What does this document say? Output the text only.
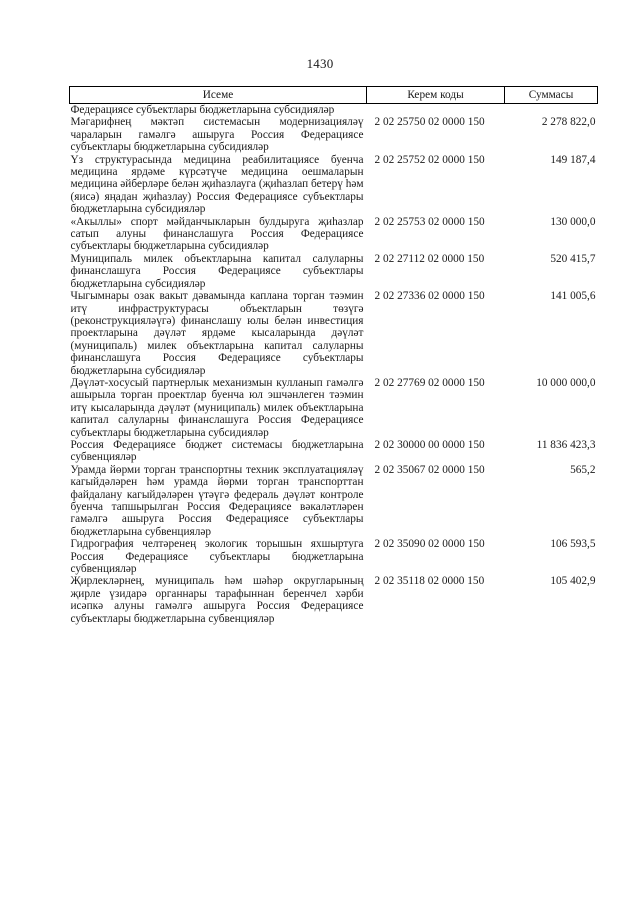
1430
Исеме	Керем коды	Суммасы
Федерациясе субъектлары бюджетларына субсидияләр		
Мәгарифнең мәктәп системасын модернизацияләү чараларын гамәлгә ашыруга Россия Федерациясе субъектлары бюджетларына субсидияләр	2 02 25750 02 0000 150	2 278 822,0
Үз структурасында медицина реабилитациясе буенча медицина ярдәме күрсәтүче медицина оешмаларын медицина әйберләре белән җиһазлауга (җиһазлап бетерү һәм (яисә) яңадан җиһазлау) Россия Федерациясе субъектлары бюджетларына субсидияләр	2 02 25752 02 0000 150	149 187,4
«Акыллы» спорт мәйданчыкларын булдыруга җиһазлар сатып алуны финанслашуга Россия Федерациясе субъектлары бюджетларына субсидияләр	2 02 25753 02 0000 150	130 000,0
Муниципаль милек объектларына капитал салуларны финанслашуга Россия Федерациясе субъектлары бюджетларына субсидияләр	2 02 27112 02 0000 150	520 415,7
Чыгымнары озак вакыт дәвамында каплана торган тәэмин итү инфраструктурасы объектларын төзүгә (реконструкцияләүгә) финанслашу юлы белән инвестиция проектларына дәүләт ярдәме кысаларында дәүләт (муниципаль) милек объектларына капитал салуларны финанслашуга Россия Федерациясе субъектлары бюджетларына субсидияләр	2 02 27336 02 0000 150	141 005,6
Дәүләт-хосусый партнерлык механизмын кулланып гамәлгә ашырыла торган проектлар буенча юл эшчәнлеген тәэмин итү кысаларында дәүләт (муниципаль) милек объектларына капитал салуларны финанслашуга Россия Федерациясе субъектлары бюджетларына субсидияләр	2 02 27769 02 0000 150	10 000 000,0
Россия Федерациясе бюджет системасы бюджетларына субвенцияләр	2 02 30000 00 0000 150	11 836 423,3
Урамда йөрми торган транспортны техник эксплуатацияләү кагыйдәләрен һәм урамда йөрми торган транспорттан файдалану кагыйдәләрен үтәүгә федераль дәүләт контроле буенча тапшырылган Россия Федерациясе вәкаләтләрен гамәлгә ашыруга Россия Федерациясе субъектлары бюджетларына субвенцияләр	2 02 35067 02 0000 150	565,2
Гидрография челтәренең экологик торышын яхшыртуга Россия Федерациясе субъектлары бюджетларына субвенцияләр	2 02 35090 02 0000 150	106 593,5
Җирлекләрнең, муниципаль һәм шәһәр округларының җирле үзидарә органнары тарафыннан беренчел хәрби исәпкә алуны гамәлгә ашыруга Россия Федерациясе субъектлары бюджетларына субвенцияләр	2 02 35118 02 0000 150	105 402,9
